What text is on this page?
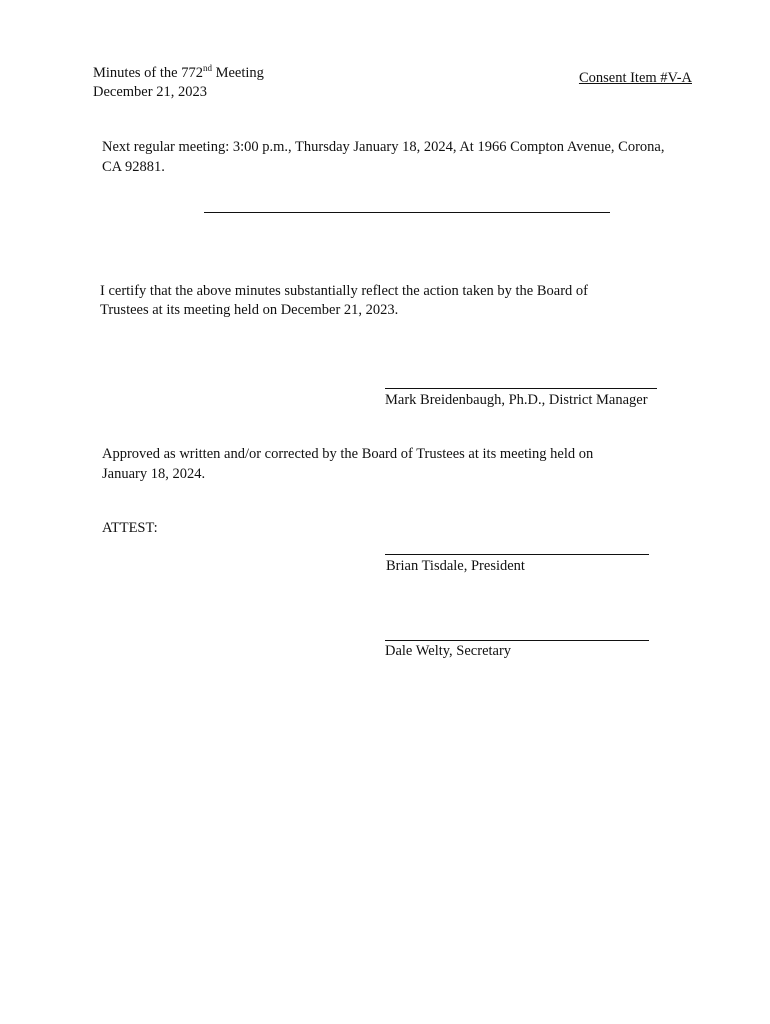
Minutes of the 772nd Meeting
December 21, 2023
Consent Item #V-A
Next regular meeting: 3:00 p.m., Thursday January 18, 2024, At 1966 Compton Avenue, Corona,
CA 92881.
I certify that the above minutes substantially reflect the action taken by the Board of
Trustees at its meeting held on December 21, 2023.
Mark Breidenbaugh, Ph.D., District Manager
Approved as written and/or corrected by the Board of Trustees at its meeting held on
January 18, 2024.
ATTEST:
Brian Tisdale, President
Dale Welty, Secretary
